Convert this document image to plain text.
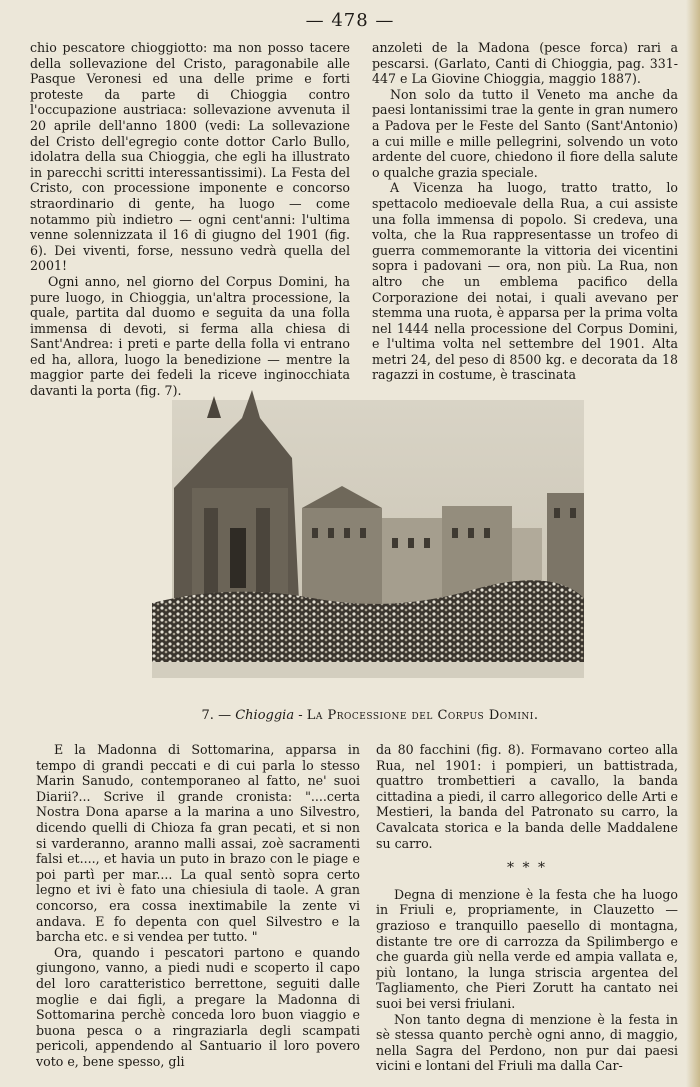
— 478 —

chio pescatore chioggiotto: ma non posso tacere della sollevazione del Cristo, paragonabile alle Pasque Veronesi ed una delle prime e forti proteste da parte di Chioggia contro l'occupazione austriaca: sollevazione avvenuta il 20 aprile dell'anno 1800 (vedi: La sollevazione del Cristo dell'egregio conte dottor Carlo Bullo, idolatra della sua Chioggia, che egli ha illustrato in parecchi scritti interessantissimi). La Festa del Cristo, con processione imponente e concorso straordinario di gente, ha luogo — come notammo più indietro — ogni cent'anni: l'ultima venne solennizzata il 16 di giugno del 1901 (fig. 6). Dei viventi, forse, nessuno vedrà quella del 2001!

Ogni anno, nel giorno del Corpus Domini, ha pure luogo, in Chioggia, un'altra processione, la quale, partita dal duomo e seguita da una folla immensa di devoti, si ferma alla chiesa di Sant'Andrea: i preti e parte della folla vi entrano ed ha, allora, luogo la benedizione — mentre la maggior parte dei fedeli la riceve inginocchiata davanti la porta (fig. 7).

anzoleti de la Madona (pesce forca) rari a pescarsi. (Garlato, Canti di Chioggia, pag. 331-447 e La Giovine Chioggia, maggio 1887).

Non solo da tutto il Veneto ma anche da paesi lontanissimi trae la gente in gran numero a Padova per le Feste del Santo (Sant'Antonio) a cui mille e mille pellegrini, solvendo un voto ardente del cuore, chiedono il fiore della salute o qualche grazia speciale.

A Vicenza ha luogo, tratto tratto, lo spettacolo medioevale della Rua, a cui assiste una folla immensa di popolo. Si credeva, una volta, che la Rua rappresentasse un trofeo di guerra commemorante la vittoria dei vicentini sopra i padovani — ora, non più. La Rua, non altro che un emblema pacifico della Corporazione dei notai, i quali avevano per stemma una ruota, è apparsa per la prima volta nel 1444 nella processione del Corpus Domini, e l'ultima volta nel settembre del 1901. Alta metri 24, del peso di 8500 kg. e decorata da 18 ragazzi in costume, è trascinata

7. — Chioggia - La Processione del Corpus Domini.

E la Madonna di Sottomarina, apparsa in tempo di grandi peccati e di cui parla lo stesso Marin Sanudo, contemporaneo al fatto, ne' suoi Diarii?... Scrive il grande cronista: "....certa Nostra Dona aparse a la marina a uno Silvestro, dicendo quelli di Chioza fa gran pecati, et si non si varderanno, aranno malli assai, zoè sacramenti falsi et...., et havia un puto in brazo con le piage e poi partì per mar.... La qual sentò sopra certo legno et ivi è fato una chiesiula di taole. A gran concorso, era cossa inextimabile la zente vi andava. E fo depenta con quel Silvestro e la barcha etc. e si vendea per tutto. "

Ora, quando i pescatori partono e quando giungono, vanno, a piedi nudi e scoperto il capo del loro caratteristico berrettone, seguiti dalle moglie e dai figli, a pregare la Madonna di Sottomarina perchè conceda loro buon viaggio e buona pesca o a ringraziarla degli scampati pericoli, appendendo al Santuario il loro povero voto e, bene spesso, gli

da 80 facchini (fig. 8). Formavano corteo alla Rua, nel 1901: i pompieri, un battistrada, quattro trombettieri a cavallo, la banda cittadina a piedi, il carro allegorico delle Arti e Mestieri, la banda del Patronato su carro, la Cavalcata storica e la banda delle Maddalene su carro.

* * *

Degna di menzione è la festa che ha luogo in Friuli e, propriamente, in Clauzetto — grazioso e tranquillo paesello di montagna, distante tre ore di carrozza da Spilimbergo e che guarda giù nella verde ed ampia vallata e, più lontano, la lunga striscia argentea del Tagliamento, che Pieri Zorutt ha cantato nei suoi bei versi friulani.

Non tanto degna di menzione è la festa in sè stessa quanto perchè ogni anno, di maggio, nella Sagra del Perdono, non pur dai paesi vicini e lontani del Friuli ma dalla Car-
